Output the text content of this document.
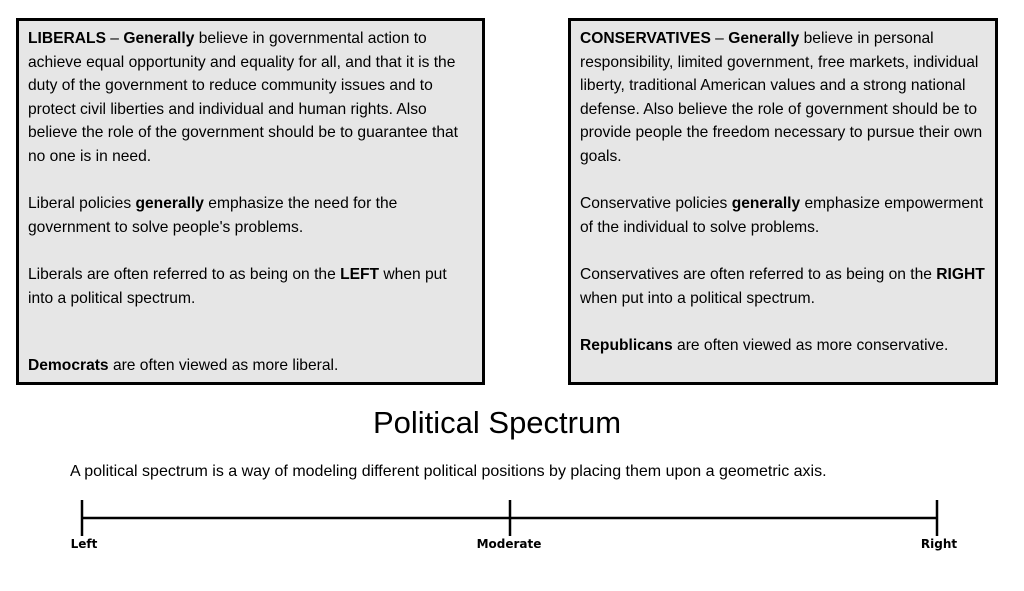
LIBERALS – Generally believe in governmental action to achieve equal opportunity and equality for all, and that it is the duty of the government to reduce community issues and to protect civil liberties and individual and human rights. Also believe the role of the government should be to guarantee that no one is in need.

Liberal policies generally emphasize the need for the government to solve people's problems.

Liberals are often referred to as being on the LEFT when put into a political spectrum.

Democrats are often viewed as more liberal.

CONSERVATIVES – Generally believe in personal responsibility, limited government, free markets, individual liberty, traditional American values and a strong national defense. Also believe the role of government should be to provide people the freedom necessary to pursue their own goals.

Conservative policies generally emphasize empowerment of the individual to solve problems.

Conservatives are often referred to as being on the RIGHT when put into a political spectrum.

Republicans are often viewed as more conservative.

Political Spectrum
A political spectrum is a way of modeling different political positions by placing them upon a geometric axis.
Left	Moderate	Right
